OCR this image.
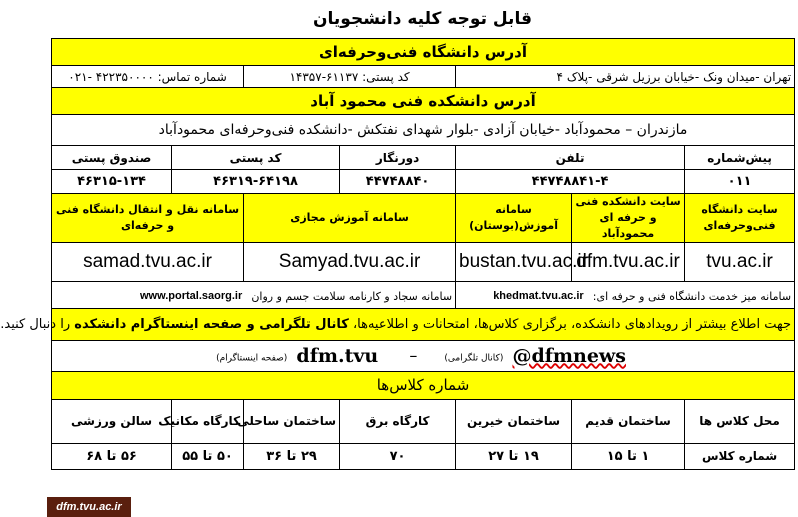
قابل توجه کلیه دانشجویان
آدرس دانشگاه فنی‌وحرفه‌ای						
تهران -میدان ونک -خیابان برزیل شرقی -پلاک ۴			کد پستی: ۶۱۱۳۷-۱۴۳۵۷		شماره تماس: ۴۲۲۳۵۰۰۰۰ -۰۲۱	
آدرس دانشکده فنی محمود آباد						
مازندران – محمودآباد -خیابان آزادی -بلوار شهدای نفتکش -دانشکده فنی‌وحرفه‌ای محمودآباد						
پیش‌شماره	تلفن		دورنگار	کد پستی		صندوق پستی
۰۱۱	۴۴۷۴۸۸۴۱-۴		۴۴۷۴۸۸۴۰	۴۶۳۱۹-۶۴۱۹۸		۴۶۳۱۵-۱۳۴
سایت دانشگاه فنی‌وحرفه‌ای	سایت دانشکده فنی و حرفه ای محمودآباد	سامانه آموزش(بوستان)	سامانه آموزش مجازی		سامانه نقل و انتقال دانشگاه فنی و حرفه‌ای	
tvu.ac.ir	dfm.tvu.ac.ir	bustan.tvu.ac.ir	Samyad.tvu.ac.ir		samad.tvu.ac.ir	
سامانه میز خدمت دانشگاه فنی و حرفه ای: khedmat.tvu.ac.ir			سامانه سجاد و کارنامه سلامت جسم و روان www.portal.saorg.ir			
جهت اطلاع بیشتر از رویدادهای دانشکده، برگزاری کلاس‌ها، امتحانات و اطلاعیه‌ها، کانال تلگرامی و صفحه اینستاگرام دانشکده را دنبال کنید.						
@dfmnews (کانال تلگرامی) – dfm.tvu (صفحه اینستاگرام)						
شماره کلاس‌ها						
محل کلاس ها	ساختمان قدیم	ساختمان خیرین	کارگاه برق	ساختمان ساحلی	کارگاه مکانیک	سالن ورزشی
شماره کلاس	۱ تا ۱۵	۱۹ تا ۲۷	۷۰	۲۹ تا ۳۶	۵۰ تا ۵۵	۵۶ تا ۶۸
dfm.tvu.ac.ir
